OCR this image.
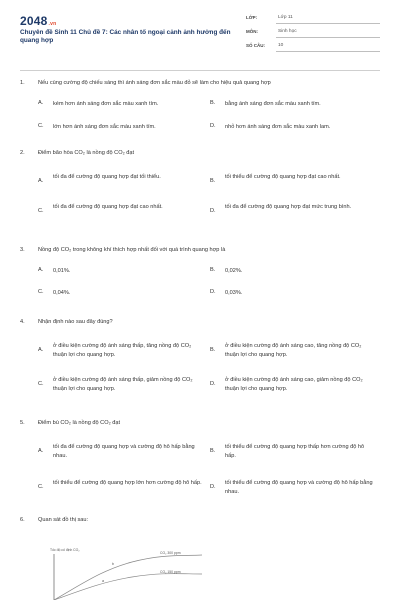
2048.vn
Chuyên đề Sinh 11 Chủ đề 7: Các nhân tố ngoại cảnh ảnh hưởng đến quang hợp
LỚP:	Lớp 11
MÔN:	Sinh học
SỐ CÂU:	10
1. Nếu cùng cường độ chiếu sáng thì ánh sáng đơn sắc màu đỏ sẽ làm cho hiệu quả quang hợp
A. kém hơn ánh sáng đơn sắc màu xanh tím.	B. bằng ánh sáng đơn sắc màu xanh tím.
C. lớn hơn ánh sáng đơn sắc màu xanh tím.	D. nhỏ hơn ánh sáng đơn sắc màu xanh lam.
2. Điểm bão hòa CO₂ là nồng độ CO₂ đạt
A.
tối đa để cường độ quang hợp đạt tối thiểu.
B.
tối thiểu để cường độ quang hợp đạt cao nhất.
C.
tối đa để cường độ quang hợp đạt cao nhất.
D.
tối đa để cường độ quang hợp đạt mức trung bình.
3. Nồng độ CO₂ trong không khí thích hợp nhất đối với quá trình quang hợp là
A. 0,01%.	B. 0,02%.
C. 0,04%.	D. 0,03%.
4. Nhận định nào sau đây đúng?
A.
ở điều kiện cường độ ánh sáng thấp, tăng nồng độ CO₂ thuận lợi cho quang hợp.
B.
ở điều kiện cường độ ánh sáng cao, tăng nồng độ CO₂ thuận lợi cho quang hợp.
C.
ở điều kiện cường độ ánh sáng thấp, giảm nồng độ CO₂ thuận lợi cho quang hợp.
D.
ở điều kiện cường độ ánh sáng cao, giảm nồng độ CO₂ thuận lợi cho quang hợp.
5. Điểm bù CO₂ là nồng độ CO₂ đạt
A.
tối đa để cường độ quang hợp và cường độ hô hấp bằng nhau.
B.
tối thiểu để cường độ quang hợp thấp hơn cường độ hô hấp.
C.
tối thiểu để cường độ quang hợp lớn hơn cường độ hô hấp.
D.
tối thiểu để cường độ quang hợp và cường độ hô hấp bằng nhau.
6. Quan sát đồ thị sau:
Tốc độ cố định CO₂
b
a
CO₂ 300 ppm
CO₂ 150 ppm
